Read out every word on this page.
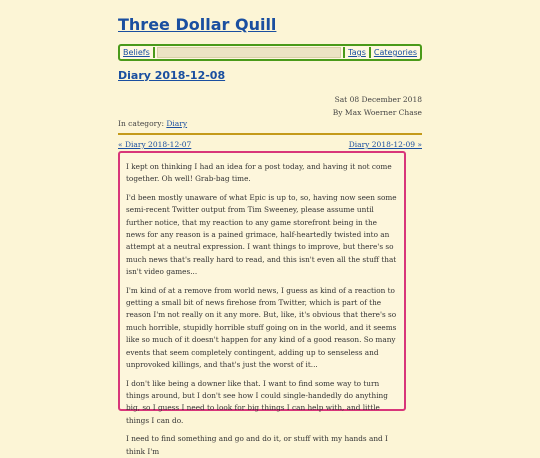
Three Dollar Quill
Beliefs	Tags	Categories
Diary 2018-12-08
Sat 08 December 2018
By Max Woerner Chase
In category: Diary
« Diary 2018-12-07	Diary 2018-12-09 »

I kept on thinking I had an idea for a post today, and having it not come together. Oh well! Grab-bag time.

I'd been mostly unaware of what Epic is up to, so, having now seen some semi-recent Twitter output from Tim Sweeney, please assume until further notice, that my reaction to any game storefront being in the news for any reason is a pained grimace, half-heartedly twisted into an attempt at a neutral expression. I want things to improve, but there's so much news that's really hard to read, and this isn't even all the stuff that isn't video games...

I'm kind of at a remove from world news, I guess as kind of a reaction to getting a small bit of news firehose from Twitter, which is part of the reason I'm not really on it any more. But, like, it's obvious that there's so much horrible, stupidly horrible stuff going on in the world, and it seems like so much of it doesn't happen for any kind of a good reason. So many events that seem completely contingent, adding up to senseless and unprovoked killings, and that's just the worst of it...

I don't like being a downer like that. I want to find some way to turn things around, but I don't see how I could single-handedly do anything big, so I guess I need to look for big things I can help with, and little things I can do.

I need to find something and go and do it, or stuff with my hands and I think I'm
